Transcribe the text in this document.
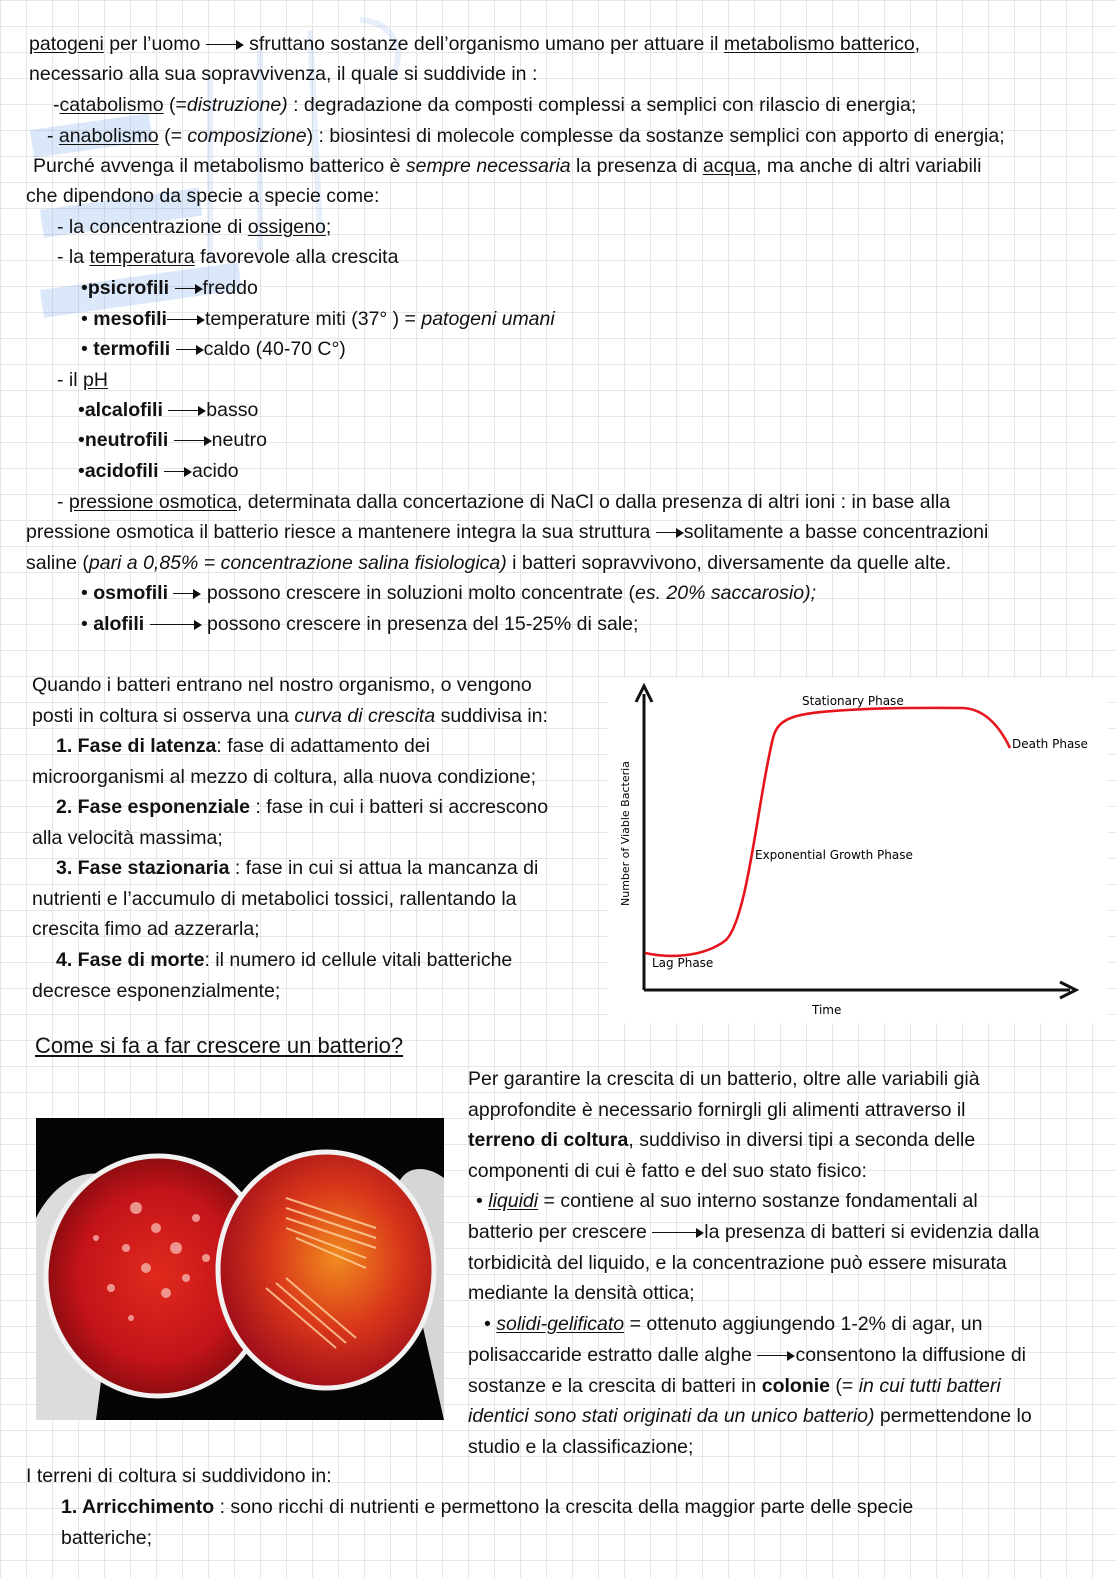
patogeni per l’uomo  sfruttano sostanze dell’organismo umano per attuare il metabolismo batterico,
necessario alla sua sopravvivenza, il quale si suddivide in :
-catabolismo (=distruzione) : degradazione da composti complessi a semplici con rilascio di energia;
- anabolismo (= composizione) : biosintesi di molecole complesse da sostanze semplici con apporto di energia;
Purché avvenga il metabolismo batterico è sempre necessaria la presenza di acqua, ma anche di altri variabili
che dipendono da specie a specie come:
- la concentrazione di ossigeno;
- la temperatura favorevole alla crescita
•psicrofili freddo
• mesofili temperature miti (37° ) = patogeni umani
• termofili caldo (40-70 C°)
- il pH
•alcalofili basso
•neutrofili neutro
•acidofili acido
- pressione osmotica, determinata dalla concertazione di NaCl o dalla presenza di altri ioni : in base alla
pressione osmotica il batterio riesce a mantenere integra la sua struttura solitamente a basse concentrazioni
saline (pari a 0,85% = concentrazione salina fisiologica) i batteri sopravvivono, diversamente da quelle alte.
• osmofili possono crescere in soluzioni molto concentrate (es. 20% saccarosio);
• alofili	possono crescere in presenza del 15-25% di sale;
Quando i batteri entrano nel nostro organismo, o vengono
posti in coltura si osserva una curva di crescita suddivisa in:
1. Fase di latenza: fase di adattamento dei
microorganismi al mezzo di coltura, alla nuova condizione;
2. Fase esponenziale : fase in cui i batteri si accrescono
alla velocità massima;
3. Fase stazionaria : fase in cui si attua la mancanza di
nutrienti e l’accumulo di metabolici tossici, rallentando la
crescita fimo ad azzerarla;
4. Fase di morte: il numero id cellule vitali batteriche
decresce esponenzialmente;
Stationary Phase
Death Phase
Exponential Growth Phase
Lag Phase
Time
Number of Viable Bacteria
Come si fa a far crescere un batterio?
Per garantire la crescita di un batterio, oltre alle variabili già
approfondite è necessario fornirgli gli alimenti attraverso il
terreno di coltura, suddiviso in diversi tipi a seconda delle
componenti di cui è fatto e del suo stato fisico:
• liquidi = contiene al suo interno sostanze fondamentali al
batterio per crescere	la presenza di batteri si evidenzia dalla
torbidicità del liquido, e la concentrazione può essere misurata
mediante la densità ottica;
• solidi-gelificato = ottenuto aggiungendo 1-2% di agar, un
polisaccaride estratto dalle alghe consentono la diffusione di
sostanze e la crescita di batteri in colonie (= in cui tutti batteri
identici sono stati originati da un unico batterio) permettendone lo
studio e la classificazione;
I terreni di coltura si suddividono in:
1. Arricchimento : sono ricchi di nutrienti e permettono la crescita della maggior parte delle specie
batteriche;
